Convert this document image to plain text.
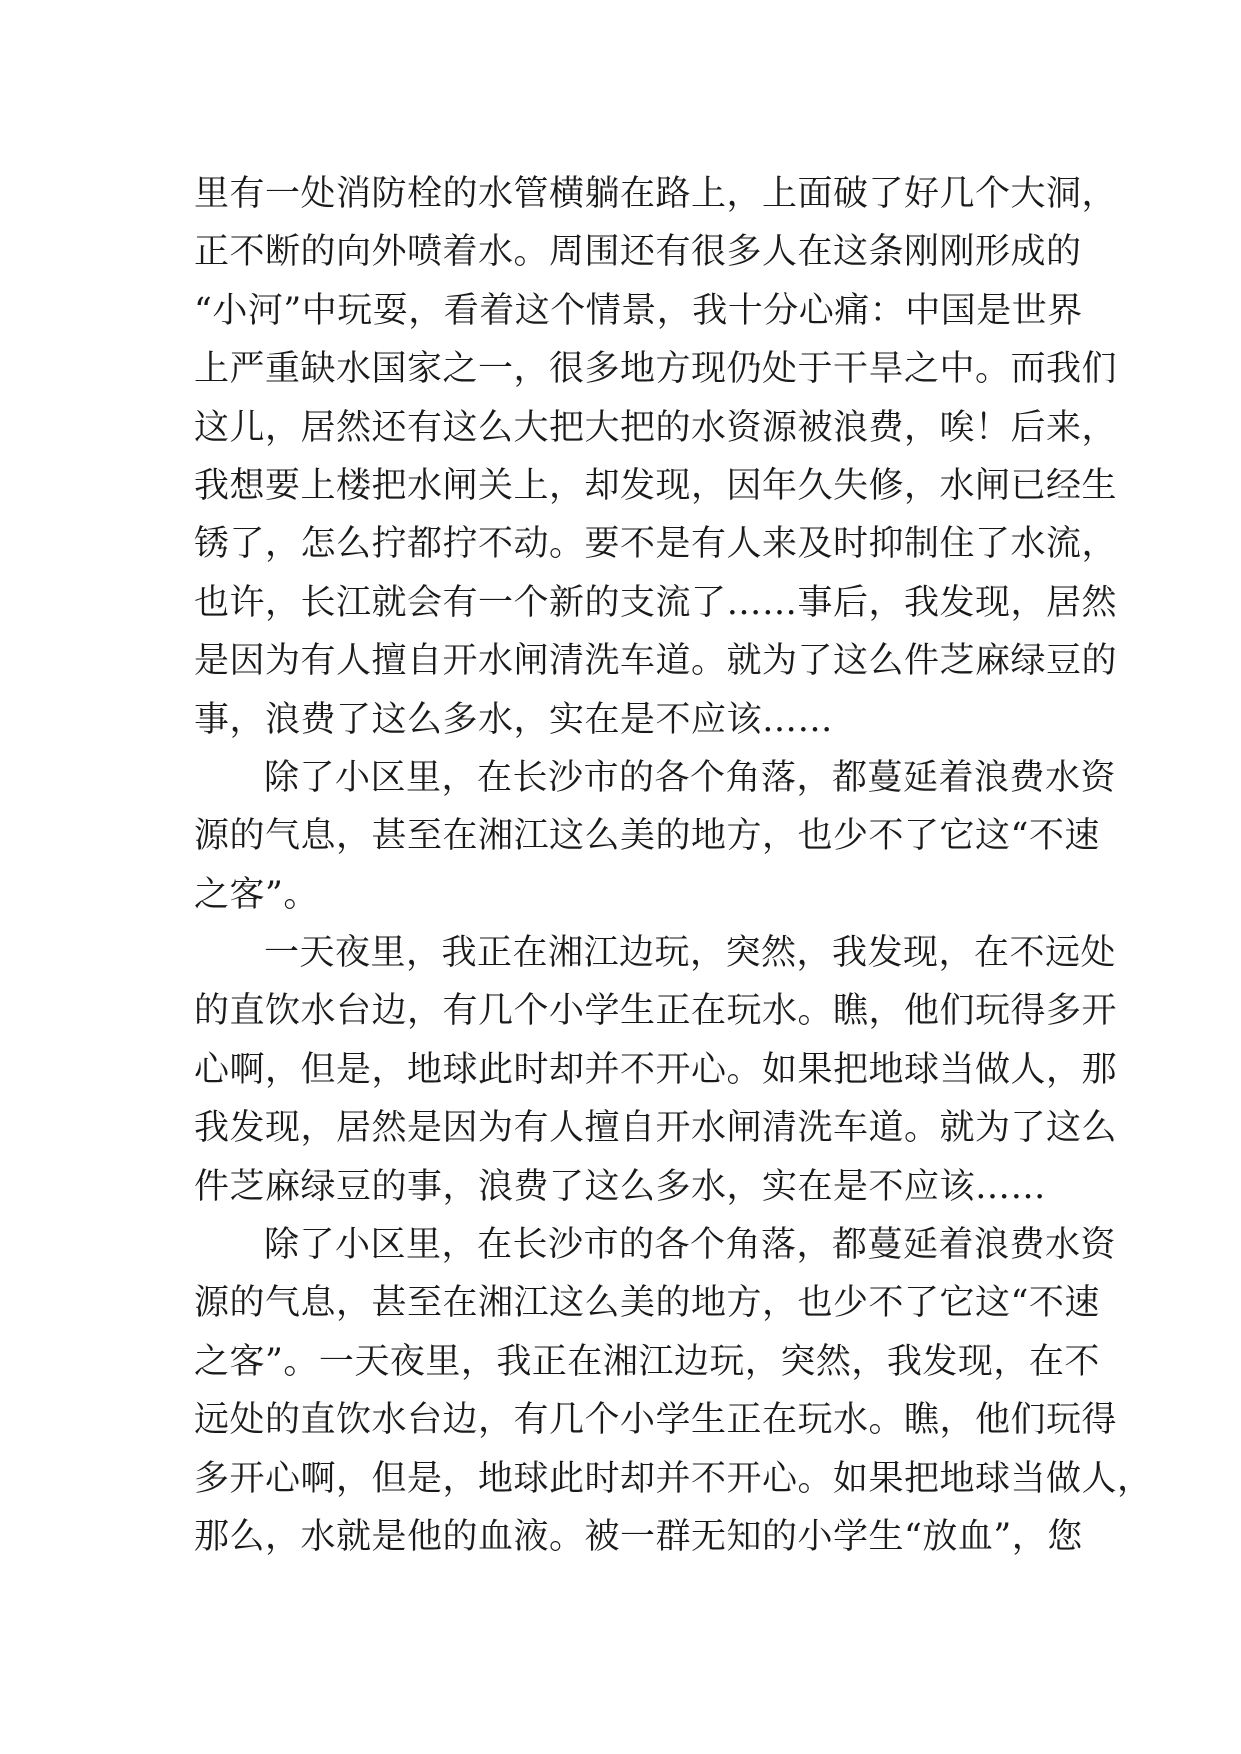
里有一处消防栓的水管横躺在路上，上面破了好几个大洞，
正不断的向外喷着水。周围还有很多人在这条刚刚形成的
“小河”中玩耍，看着这个情景，我十分心痛：中国是世界
上严重缺水国家之一，很多地方现仍处于干旱之中。而我们
这儿，居然还有这么大把大把的水资源被浪费，唉！后来，
我想要上楼把水闸关上，却发现，因年久失修，水闸已经生
锈了，怎么拧都拧不动。要不是有人来及时抑制住了水流，
也许，长江就会有一个新的支流了……事后，我发现，居然
是因为有人擅自开水闸清洗车道。就为了这么件芝麻绿豆的
事，浪费了这么多水，实在是不应该……
除了小区里，在长沙市的各个角落，都蔓延着浪费水资
源的气息，甚至在湘江这么美的地方，也少不了它这“不速
之客”。
一天夜里，我正在湘江边玩，突然，我发现，在不远处
的直饮水台边，有几个小学生正在玩水。瞧，他们玩得多开
心啊，但是，地球此时却并不开心。如果把地球当做人，那
我发现，居然是因为有人擅自开水闸清洗车道。就为了这么
件芝麻绿豆的事，浪费了这么多水，实在是不应该……
除了小区里，在长沙市的各个角落，都蔓延着浪费水资
源的气息，甚至在湘江这么美的地方，也少不了它这“不速
之客”。一天夜里，我正在湘江边玩，突然，我发现，在不
远处的直饮水台边，有几个小学生正在玩水。瞧，他们玩得
多开心啊，但是，地球此时却并不开心。如果把地球当做人，
那么，水就是他的血液。被一群无知的小学生“放血”，您
